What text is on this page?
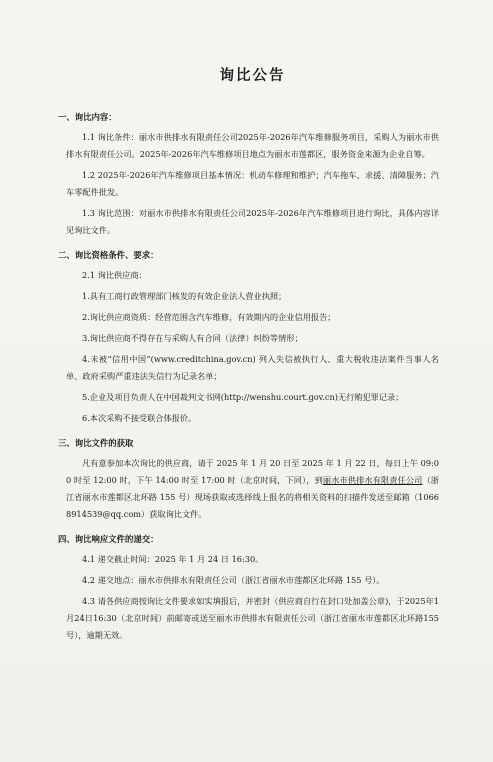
询比公告
一、询比内容：

1.1 询比条件：丽水市供排水有限责任公司2025年-2026年汽车维修服务项目，采购人为丽水市供排水有限责任公司。2025年-2026年汽车维修项目地点为丽水市莲都区，服务资金来源为企业自筹。

1.2 2025年-2026年汽车维修项目基本情况：机动车修理和维护；汽车拖车、求援、清障服务；汽车零配件批发。

1.3 询比范围：对丽水市供排水有限责任公司2025年-2026年汽车维修项目进行询比，具体内容详见询比文件。

二、询比资格条件、要求：

2.1 询比供应商：

1.具有工商行政管理部门核发的有效企业法人营业执照；

2.询比供应商资质：经营范围含汽车维修，有效期内的企业信用报告；

3.询比供应商不得存在与采购人有合同（法律）纠纷等情形；

4.未被“信用中国”(www.creditchina.gov.cn) 列入失信被执行人、重大税收违法案件当事人名单、政府采购严重违法失信行为记录名单；

5.企业及项目负责人在中国裁判文书网(http://wenshu.court.gov.cn)无行贿犯罪记录；

6.本次采购不接受联合体报价。

三、询比文件的获取

凡有意参加本次询比的供应商，请于 2025 年 1 月 20 日至 2025 年 1 月 22 日，每日上午 09:00 时至 12:00 时，下午 14:00 时至 17:00 时（北京时间，下同），到丽水市供排水有限责任公司（浙江省丽水市莲都区北环路 155 号）现场获取或选择线上报名的将相关资料的扫描件发送至邮箱（10668914539@qq.com）获取询比文件。

四、询比响应文件的递交：

4.1 递交截止时间：2025 年 1 月 24 日 16:30。

4.2 递交地点：丽水市供排水有限责任公司（浙江省丽水市莲都区北环路 155 号）。

4.3 请各供应商按询比文件要求如实填报后，并密封（供应商自行在封口处加盖公章)，于2025年1月24日16:30（北京时间）前邮寄或送至丽水市供排水有限责任公司（浙江省丽水市莲都区北环路155号），逾期无效。
